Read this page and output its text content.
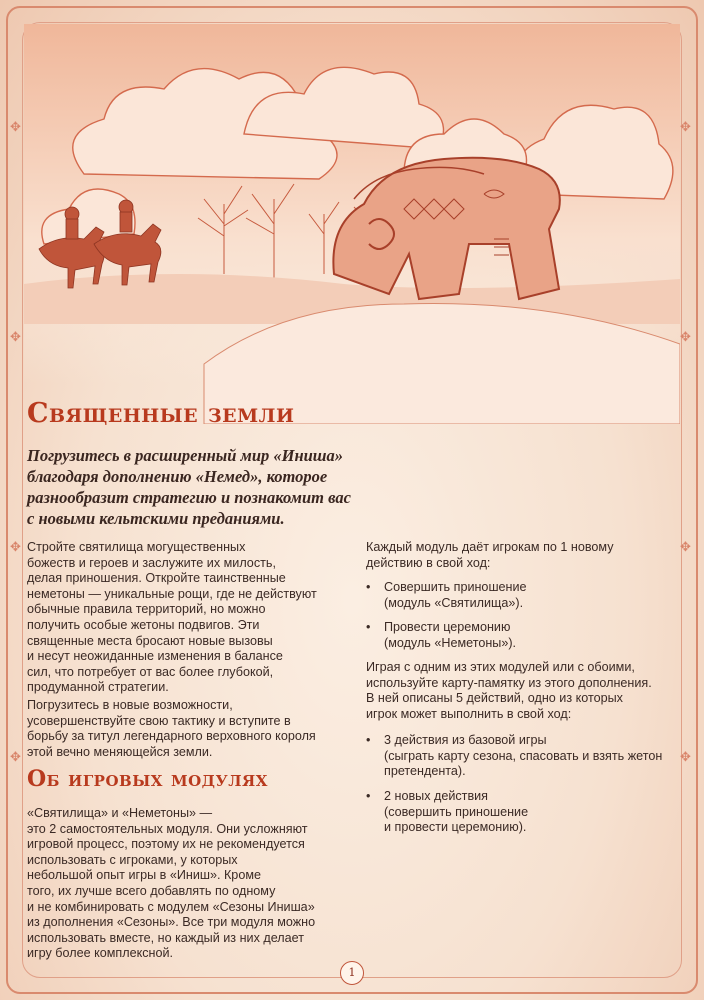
✥
✥
✥
✥
✥
✥
✥
✥
Священные земли
Погрузитесь в расширенный мир «Иниша»
благодаря дополнению «Немед», которое
разнообразит стратегию и познакомит вас
с новыми кельтскими преданиями.
Стройте святилища могущественных
божеств и героев и заслужите их милость,
делая приношения. Откройте таинственные
неметоны — уникальные рощи, где не действуют
обычные правила территорий, но можно
получить особые жетоны подвигов. Эти
священные места бросают новые вызовы
и несут неожиданные изменения в балансе
сил, что потребует от вас более глубокой,
продуманной стратегии.
Погрузитесь в новые возможности,
усовершенствуйте свою тактику и вступите в
борьбу за титул легендарного верховного короля
этой вечно меняющейся земли.
Об игровых модулях
«Святилища» и «Неметоны» —
это 2 самостоятельных модуля. Они усложняют
игровой процесс, поэтому их не рекомендуется
использовать с игроками, у которых
небольшой опыт игры в «Иниш». Кроме
того, их лучше всего добавлять по одному
и не комбинировать с модулем «Сезоны Иниша»
из дополнения «Сезоны». Все три модуля можно
использовать вместе, но каждый из них делает
игру более комплексной.
Каждый модуль даёт игрокам по 1 новому
действию в свой ход:
• Совершить приношение
(модуль «Святилища»).
• Провести церемонию
(модуль «Неметоны»).
Играя с одним из этих модулей или с обоими,
используйте карту-памятку из этого дополнения.
В ней описаны 5 действий, одно из которых
игрок может выполнить в свой ход:
• 3 действия из базовой игры
(сыграть карту сезона, спасовать и взять жетон
претендента).
• 2 новых действия
(совершить приношение
и провести церемонию).
1
